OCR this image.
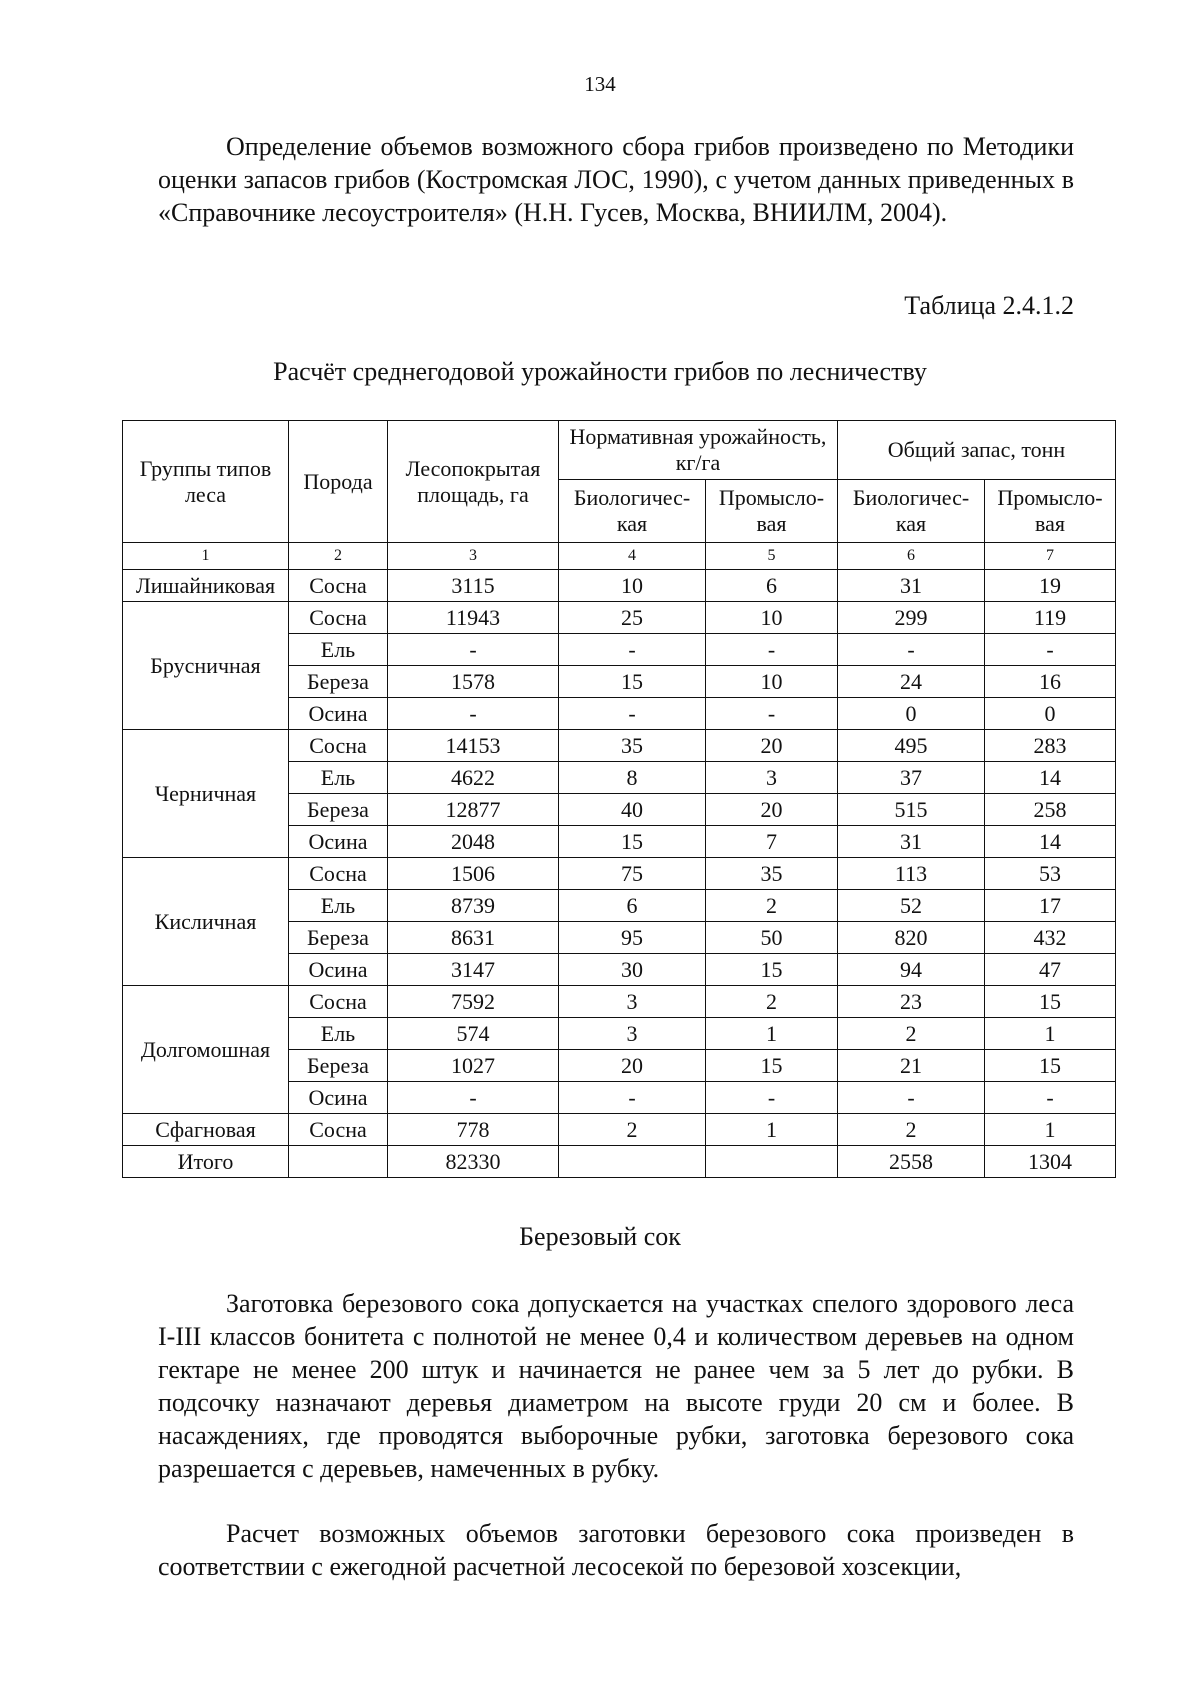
134

Определение объемов возможного сбора грибов произведено по Методики оценки запасов грибов (Костромская ЛОС, 1990), с учетом данных приведенных в «Справочнике лесоустроителя» (Н.Н. Гусев, Москва, ВНИИЛМ, 2004).

Таблица 2.4.1.2
Расчёт среднегодовой урожайности грибов по лесничеству
Группы типов леса	Порода	Лесопокрытая площадь, га	Нормативная урожайность, кг/га		Общий запас, тонн	
			Биологичес-кая	Промысло-вая	Биологичес-кая	Промысло-вая
1	2	3	4	5	6	7
Лишайниковая	Сосна	3115	10	6	31	19
Брусничная	Сосна	11943	25	10	299	119
	Ель	-	-	-	-	-
	Береза	1578	15	10	24	16
	Осина	-	-	-	0	0
Черничная	Сосна	14153	35	20	495	283
	Ель	4622	8	3	37	14
	Береза	12877	40	20	515	258
	Осина	2048	15	7	31	14
Кисличная	Сосна	1506	75	35	113	53
	Ель	8739	6	2	52	17
	Береза	8631	95	50	820	432
	Осина	3147	30	15	94	47
Долгомошная	Сосна	7592	3	2	23	15
	Ель	574	3	1	2	1
	Береза	1027	20	15	21	15
	Осина	-	-	-	-	-
Сфагновая	Сосна	778	2	1	2	1
Итого		82330			2558	1304
Березовый сок

Заготовка березового сока допускается на участках спелого здорового леса I-III классов бонитета с полнотой не менее 0,4 и количеством деревьев на одном гектаре не менее 200 штук и начинается не ранее чем за 5 лет до рубки. В подсочку назначают деревья диаметром на высоте груди 20 см и более. В насаждениях, где проводятся выборочные рубки, заготовка березового сока разрешается с деревьев, намеченных в рубку.

Расчет возможных объемов заготовки березового сока произведен в соответствии с ежегодной расчетной лесосекой по березовой хозсекции,
